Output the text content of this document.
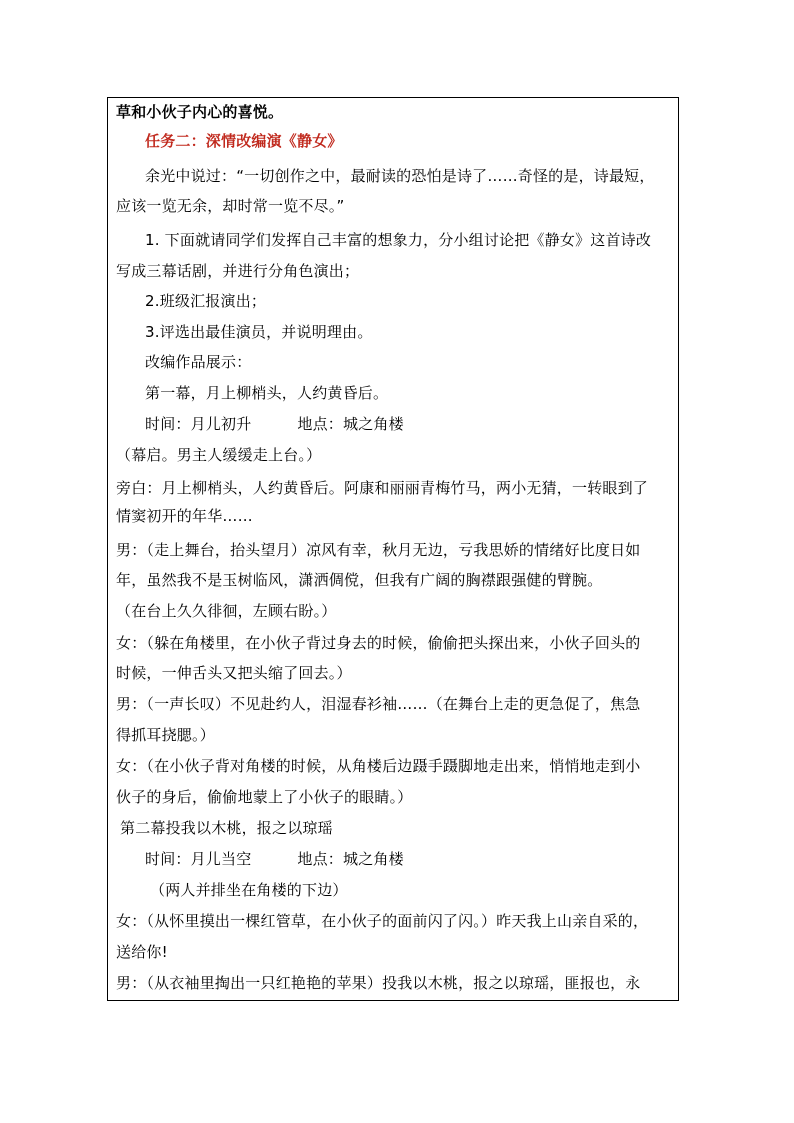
草和小伙子内心的喜悦。
任务二：深情改编演《静女》
余光中说过：“一切创作之中，最耐读的恐怕是诗了……奇怪的是，诗最短，
应该一览无余，却时常一览不尽。”
1. 下面就请同学们发挥自己丰富的想象力，分小组讨论把《静女》这首诗改
写成三幕话剧，并进行分角色演出；
2.班级汇报演出；
3.评选出最佳演员，并说明理由。
改编作品展示：
第一幕，月上柳梢头，人约黄昏后。
时间：月儿初升	地点：城之角楼
（幕启。男主人缓缓走上台。）
旁白：月上柳梢头，人约黄昏后。阿康和丽丽青梅竹马，两小无猜，一转眼到了
情窦初开的年华……
男：（走上舞台，抬头望月）凉风有幸，秋月无边，亏我思娇的情绪好比度日如
年，虽然我不是玉树临风，潇洒倜傥，但我有广阔的胸襟跟强健的臂腕。
（在台上久久徘徊，左顾右盼。）
女：（躲在角楼里，在小伙子背过身去的时候，偷偷把头探出来，小伙子回头的
时候，一伸舌头又把头缩了回去。）
男：（一声长叹）不见赴约人，泪湿春衫袖……（在舞台上走的更急促了，焦急
得抓耳挠腮。）
女：（在小伙子背对角楼的时候，从角楼后边蹑手蹑脚地走出来，悄悄地走到小
伙子的身后，偷偷地蒙上了小伙子的眼睛。）
第二幕投我以木桃，报之以琼瑶
时间：月儿当空	地点：城之角楼
（两人并排坐在角楼的下边）
女：（从怀里摸出一棵红管草，在小伙子的面前闪了闪。）昨天我上山亲自采的，
送给你!
男：（从衣袖里掏出一只红艳艳的苹果）投我以木桃，报之以琼瑶，匪报也，永
